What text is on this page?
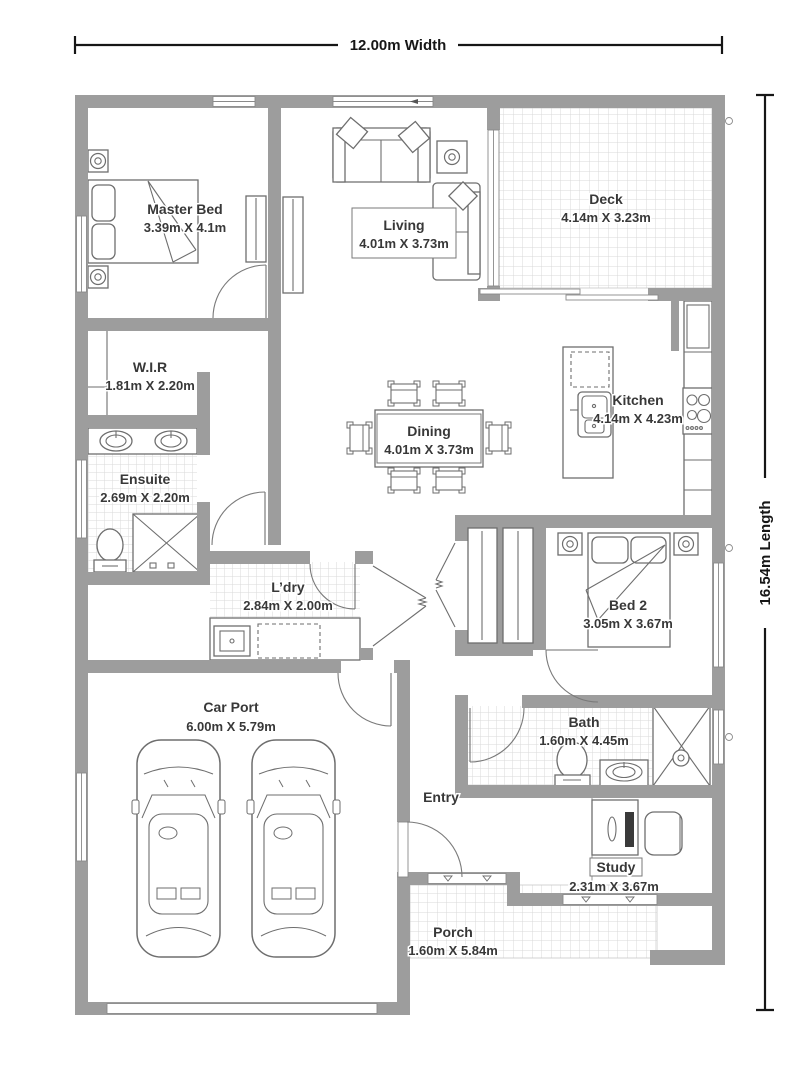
Master Bed
3.39m X 4.1m	Living
4.01m X 3.73m
Deck
4.14m X 3.23m
W.I.R
1.81m X 2.20m
Ensuite
2.69m X 2.20m
Dining
4.01m X 3.73m
Kitchen
4.14m X 4.23m
L’dry
2.84m X 2.00m	Bed 2
3.05m X 3.67m
Car Port
6.00m X 5.79m	Bath
1.60m X 4.45m
Entry
Study
2.31m X 3.67m
Porch
1.60m X 5.84m
12.00m Width
16.54m Length
